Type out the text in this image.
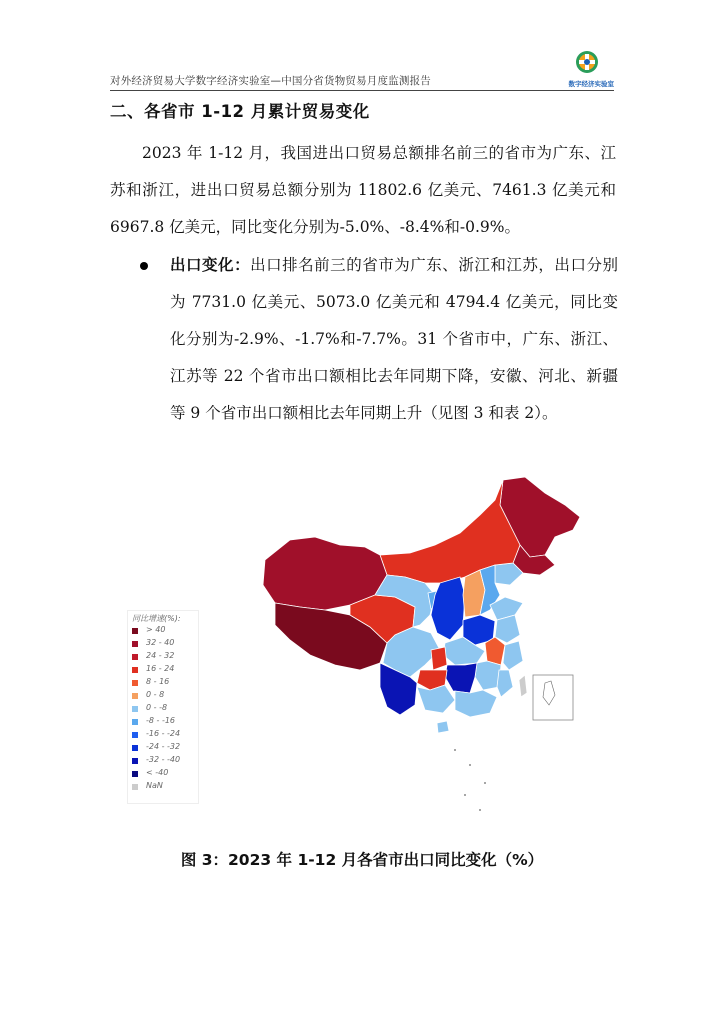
对外经济贸易大学数字经济实验室—中国分省货物贸易月度监测报告	数字经济实验室
二、各省市 1-12 月累计贸易变化
2023 年 1-12 月，我国进出口贸易总额排名前三的省市为广东、江苏和浙江，进出口贸易总额分别为 11802.6 亿美元、7461.3 亿美元和 6967.8 亿美元，同比变化分别为-5.0%、-8.4%和-0.9%。
出口变化：出口排名前三的省市为广东、浙江和江苏，出口分别为 7731.0 亿美元、5073.0 亿美元和 4794.4 亿美元，同比变化分别为-2.9%、-1.7%和-7.7%。31 个省市中，广东、浙江、江苏等 22 个省市出口额相比去年同期下降，安徽、河北、新疆等 9 个省市出口额相比去年同期上升（见图 3 和表 2）。
同比增速(%):
> 40
32 - 40
24 - 32
16 - 24
8 - 16
0 - 8
0 - -8
-8 - -16
-16 - -24
-24 - -32
-32 - -40
< -40
NaN
图 3：2023 年 1-12 月各省市出口同比变化（%）
